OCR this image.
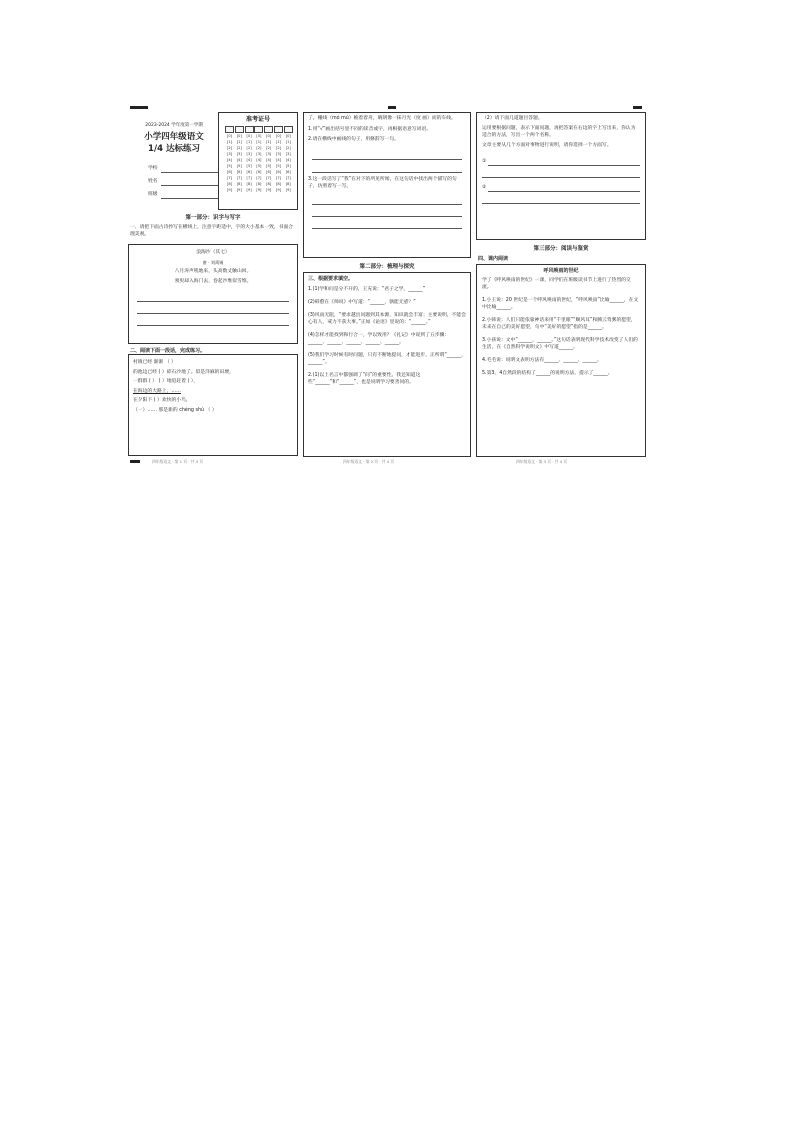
2023-2024 学年度第一学期
小学四年级语文
1/4 达标练习
学校
姓名
班级
准考证号
[0]	[0]	[0]	[0]	[0]	[0]	[0]
[1]	[1]	[1]	[1]	[1]	[1]	[1]
[2]	[2]	[2]	[2]	[2]	[2]	[2]
[3]	[3]	[3]	[3]	[3]	[3]	[3]
[4]	[4]	[4]	[4]	[4]	[4]	[4]
[5]	[5]	[5]	[5]	[5]	[5]	[5]
[6]	[6]	[6]	[6]	[6]	[6]	[6]
[7]	[7]	[7]	[7]	[7]	[7]	[7]
[8]	[8]	[8]	[8]	[8]	[8]	[8]
[9]	[9]	[9]	[9]	[9]	[9]	[9]
第一部分：识字与写字
一、请把下面古诗抄写在横线上，注意字距适中，字的大小基本一致，书面合理美观。
浪淘沙（其七）
唐 · 刘禹锡
八月涛声吼地来，头高数丈触山回。
须臾却入海门去，卷起沙堆似雪堆。
二、阅读下面一段话，完成练习。
村镇已经 渐渐 （ ）
的池边已经 ( ）碎石沙地了。似是洋麻的田埂，
一群群 ( ） ( ）地追赶着 ( ），
在海边的大路上，……
在夕阳下 ( ）欢快的小鸟，
（一）…… 那是新的 chéng shú （ ）
四年级语文 · 第 1 页 · 共 4 页
了。栅线（mó mú）桅着着舟，晴朗像一抹月光（度 画）而的车线。
1.用“√”画出括号里不同的读音或字，再根据语意写词语。
2.请在横线中画线的句子，用修辞写一句。
3.这一段话写了“我”在对下的所见所闻，在这句话中找出两个描写的句子，仿照着写一写。
第二部分：梳理与探究
三、根据要求填空。
1.(1)学和问是分不开的，王充说：“君子之学，______”
(2)韩愈在《师说》中写道：“______，孰能无惑？”
(3)风雨无阻，“要求越出问题到其本源，知识就会丰富；主要说明，不能会心有人，戒力不获大事。”正如《论语》里说的：“______。”
(4)怎样才能找到和行合一，学以致用？《礼记》中说到了五步骤：______、______、______、______、______。
(5)我们学习时候有时问题，只有不断地提问，才能进步。正所谓“______，______”。
2.(1)以上名言中都强调了“问”的重要性。我还知道这些“______”和“______”，也是说明学习要善问的。
四年级语文 · 第 2 页 · 共 4 页
（2）请下面几道题目答题。
运用要根据问题，表示下面问题，再把答案在右边的字上写出来，你认为适合的方法，写出一个两个名称。
文章主要从几个方面对事物进行说明，请你选择一个方面写。
①
②
第三部分：阅读与鉴赏
四、课内阅读
呼风唤雨的世纪
学了《呼风唤雨的世纪》一课，同学们在班级读书节上进行了热烈的交流。
1.小王说：20 世纪是一个呼风唤雨的世纪，“呼风唤雨”比喻______，在文中比喻______。
2.小韩说：人们只能依靠神话来用“千里眼”“顺风耳”和腾云驾雾的愿望，未来在自己的美好愿望，句中“美好的愿望”指的是______。
3.小孩说：文中“______，______。”这句话表明现代科学技术改变了人们的生活，在《自然科学说明文》中写道______。
4.毛毛说：说明文表明方法有______、______、______。
5.第3、4自然段的结构了______的说明方法，提示了______。
四年级语文 · 第 3 页 · 共 4 页
